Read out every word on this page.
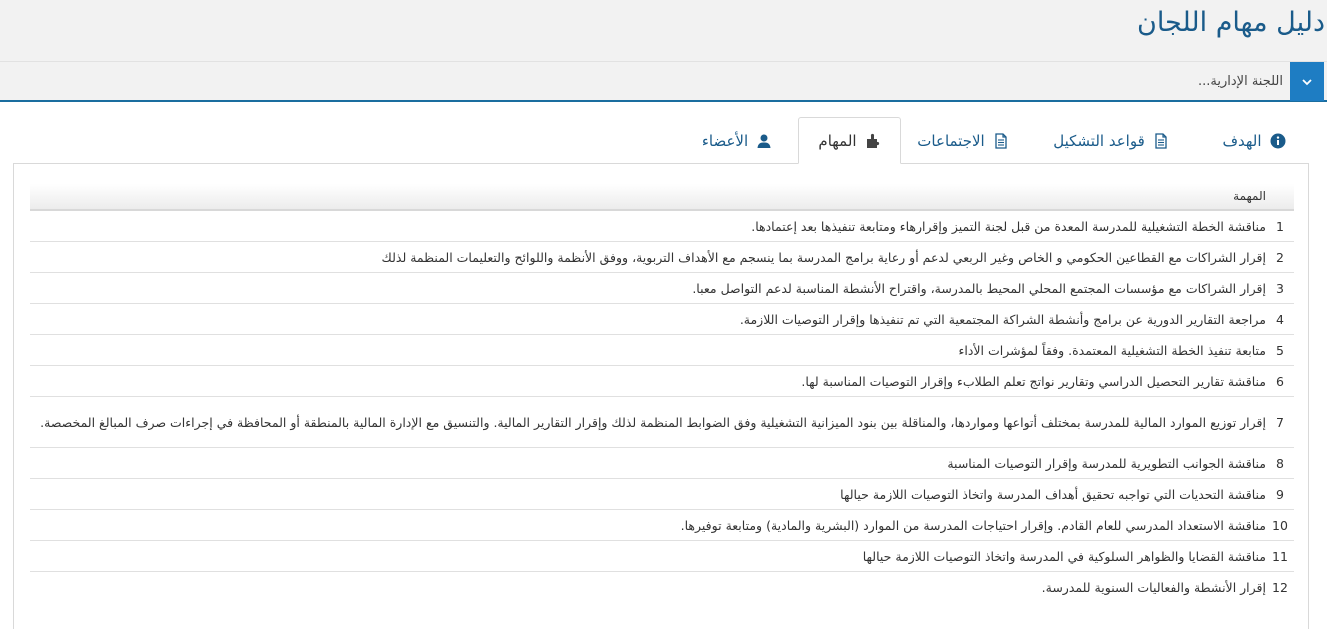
دليل مهام اللجان
اللجنة الإدارية...
الهدف
قواعد التشكيل
الاجتماعات
المهام
الأعضاء
المهمة
1
مناقشة الخطة التشغيلية للمدرسة المعدة من قبل لجنة التميز وإقرارهاء ومتابعة تنفيذها بعد إعتمادها.
2
إقرار الشراكات مع القطاعين الحكومي و الخاص وغير الربعي لدعم أو رعاية برامج المدرسة بما ينسجم مع الأهداف التربوية، ووفق الأنظمة واللوائح والتعليمات المنظمة لذلك
3
إقرار الشراكات مع مؤسسات المجتمع المحلي المحيط بالمدرسة، واقتراح الأنشطة المناسبة لدعم التواصل معبا.
4
مراجعة التقارير الدورية عن برامج وأنشطة الشراكة المجتمعية التي تم تنفيذها وإقرار التوصيات اللازمة.
5
متابعة تنفيذ الخطة التشغيلية المعتمدة. وفقاً لمؤشرات الأداء
6
مناقشة تقارير التحصيل الدراسي وتقارير نواتج تعلم الطلابء وإقرار التوصيات المناسبة لها.
7
إقرار توزيع الموارد المالية للمدرسة بمختلف أتواعها ومواردها، والمناقلة بين بنود الميزانية التشغيلية وفق الضوابط المنظمة لذلك وإقرار التقارير المالية. والتنسيق مع الإدارة المالية بالمنطقة أو المحافظة في إجراءات صرف المبالغ المخصصة.
8
مناقشة الجوانب التطويرية للمدرسة وإقرار التوصيات المناسبة
9
مناقشة التحديات التي تواجبه تحقيق أهداف المدرسة واتخاذ التوصيات اللازمة حيالها
10
مناقشة الاستعداد المدرسي للعام القادم. وإقرار احتياجات المدرسة من الموارد (البشرية والمادية) ومتابعة توفيرها.
11
مناقشة القضايا والظواهر السلوكية في المدرسة واتخاذ التوصيات اللازمة حيالها
12
إقرار الأنشطة والفعاليات السنوية للمدرسة.
